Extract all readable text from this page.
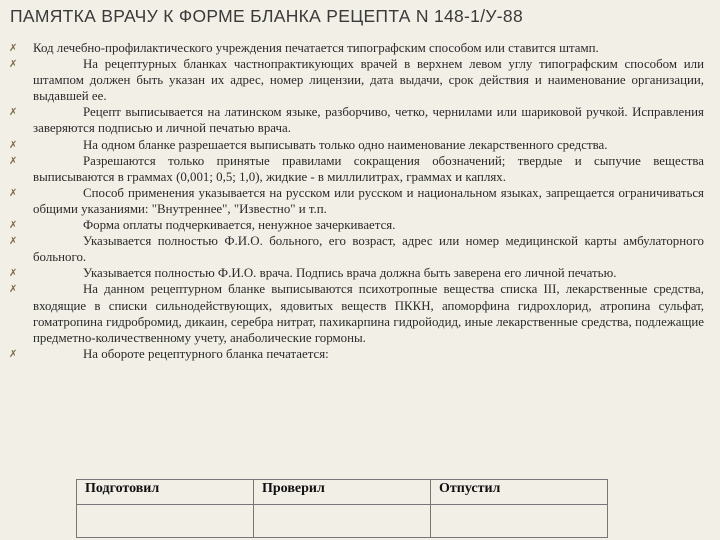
ПАМЯТКА ВРАЧУ К ФОРМЕ БЛАНКА РЕЦЕПТА N 148-1/У-88
✗ Код лечебно-профилактического учреждения печатается типографским способом или ставится штамп.
✗	На рецептурных бланках частнопрактикующих врачей в верхнем левом углу типографским способом или штампом должен быть указан их адрес, номер лицензии, дата выдачи, срок действия и наименование организации, выдавшей ее.
✗	Рецепт выписывается на латинском языке, разборчиво, четко, чернилами или шариковой ручкой. Исправления заверяются подписью и личной печатью врача.
✗	На одном бланке разрешается выписывать только одно наименование лекарственного средства.
✗	Разрешаются только принятые правилами сокращения обозначений; твердые и сыпучие вещества выписываются в граммах (0,001; 0,5; 1,0), жидкие - в миллилитрах, граммах и каплях.
✗	Способ применения указывается на русском или русском и национальном языках, запрещается ограничиваться общими указаниями: "Внутреннее", "Известно" и т.п.
✗	Форма оплаты подчеркивается, ненужное зачеркивается.
✗	Указывается полностью Ф.И.О. больного, его возраст, адрес или номер медицинской карты амбулаторного больного.
✗	Указывается полностью Ф.И.О. врача. Подпись врача должна быть заверена его личной печатью.
✗	На данном рецептурном бланке выписываются психотропные вещества списка III, лекарственные средства, входящие в списки сильнодействующих, ядовитых веществ ПККН, апоморфина гидрохлорид, атропина сульфат, гоматропина гидробромид, дикаин, серебра нитрат, пахикарпина гидройодид, иные лекарственные средства, подлежащие предметно-количественному учету, анаболические гормоны.
✗	На обороте рецептурного бланка печатается:
Подготовил	Проверил	Отпустил
